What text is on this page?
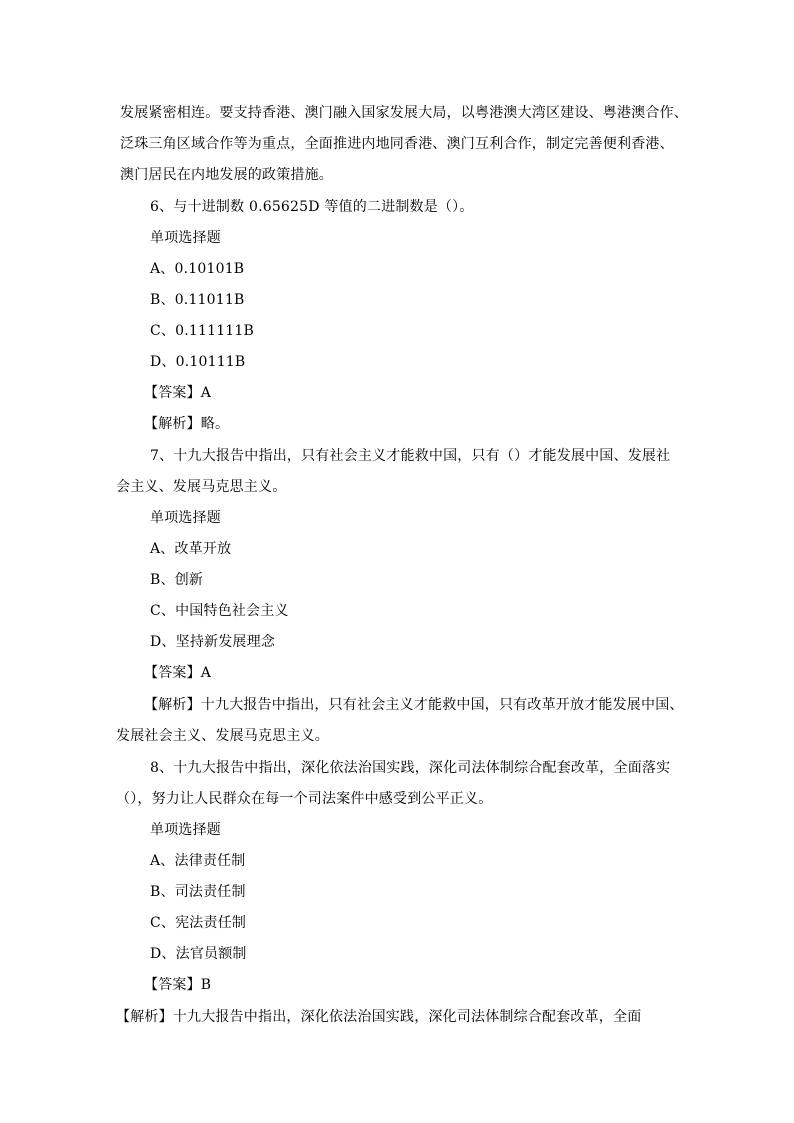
发展紧密相连。要支持香港、澳门融入国家发展大局，以粤港澳大湾区建设、粤港澳合作、
泛珠三角区域合作等为重点，全面推进内地同香港、澳门互利合作，制定完善便利香港、
澳门居民在内地发展的政策措施。
6、与十进制数 0.65625D 等值的二进制数是（）。
单项选择题
A、0.10101B
B、0.11011B
C、0.111111B
D、0.10111B
【答案】A
【解析】略。
7、十九大报告中指出，只有社会主义才能救中国，只有（）才能发展中国、发展社
会主义、发展马克思主义。
单项选择题
A、改革开放
B、创新
C、中国特色社会主义
D、坚持新发展理念
【答案】A
【解析】十九大报告中指出，只有社会主义才能救中国，只有改革开放才能发展中国、
发展社会主义、发展马克思主义。
8、十九大报告中指出，深化依法治国实践，深化司法体制综合配套改革，全面落实
（），努力让人民群众在每一个司法案件中感受到公平正义。
单项选择题
A、法律责任制
B、司法责任制
C、宪法责任制
D、法官员额制
【答案】B
【解析】十九大报告中指出，深化依法治国实践，深化司法体制综合配套改革，全面
